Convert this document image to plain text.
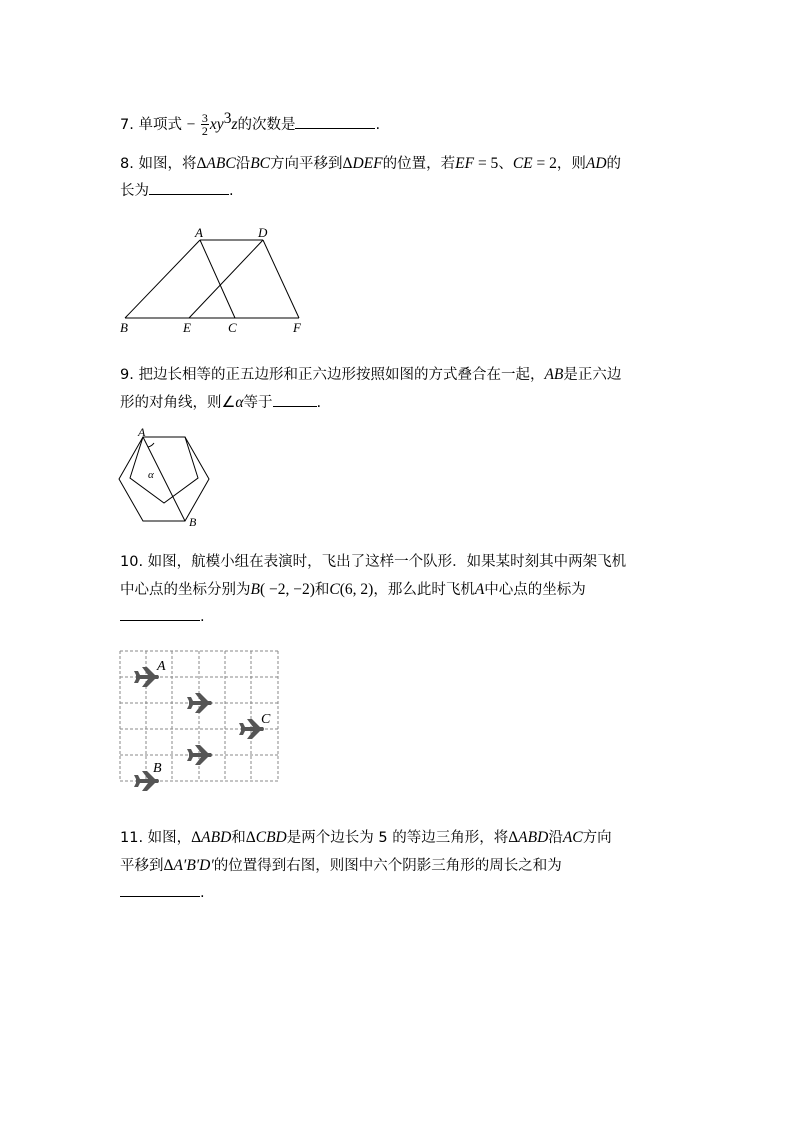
7. 单项式 − $\frac{3}{2} xy^3z$的次数是	.
8. 如图，将ΔABC沿BC方向平移到ΔDEF的位置，若EF = 5、CE = 2，则AD的
长为	.
A	D
B	E	C	F
9. 把边长相等的正五边形和正六边形按照如图的方式叠合在一起，AB是正六边
形的对角线，则∠α等于	.
A
B
α
10. 如图，航模小组在表演时，飞出了这样一个队形．如果某时刻其中两架飞机
中心点的坐标分别为B( −2, −2)和C(6, 2)，那么此时飞机A中心点的坐标为
.
A
C
B
11. 如图，ΔABD和ΔCBD是两个边长为 5 的等边三角形，将ΔABD沿AC方向
平移到ΔA′B′D′的位置得到右图，则图中六个阴影三角形的周长之和为
.
